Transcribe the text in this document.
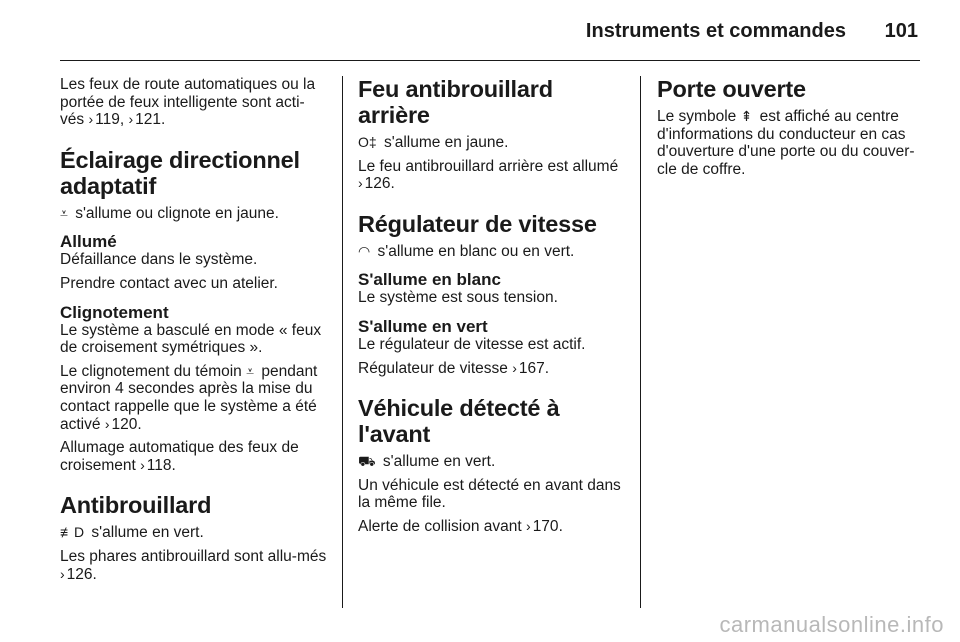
Instruments et commandes	101

Les feux de route automatiques ou la portée de feux intelligente sont acti-vés › 119, › 121.

Éclairage directionnel adaptatif

⩡ s'allume ou clignote en jaune.

Allumé

Défaillance dans le système.

Prendre contact avec un atelier.

Clignotement

Le système a basculé en mode « feux de croisement symétriques ».

Le clignotement du témoin ⩡ pendant environ 4 secondes après la mise du contact rappelle que le système a été activé › 120.

Allumage automatique des feux de croisement › 118.

Antibrouillard

≢D s'allume en vert.

Les phares antibrouillard sont allu-més › 126.

Feu antibrouillard arrière

O‡ s'allume en jaune.

Le feu antibrouillard arrière est allumé › 126.

Régulateur de vitesse

◠ s'allume en blanc ou en vert.

S'allume en blanc

Le système est sous tension.

S'allume en vert

Le régulateur de vitesse est actif.

Régulateur de vitesse › 167.

Véhicule détecté à l'avant

⛟ s'allume en vert.

Un véhicule est détecté en avant dans la même file.

Alerte de collision avant › 170.

Porte ouverte

Le symbole ⇞ est affiché au centre d'informations du conducteur en cas d'ouverture d'une porte ou du couver-cle de coffre.

carmanualsonline.info
